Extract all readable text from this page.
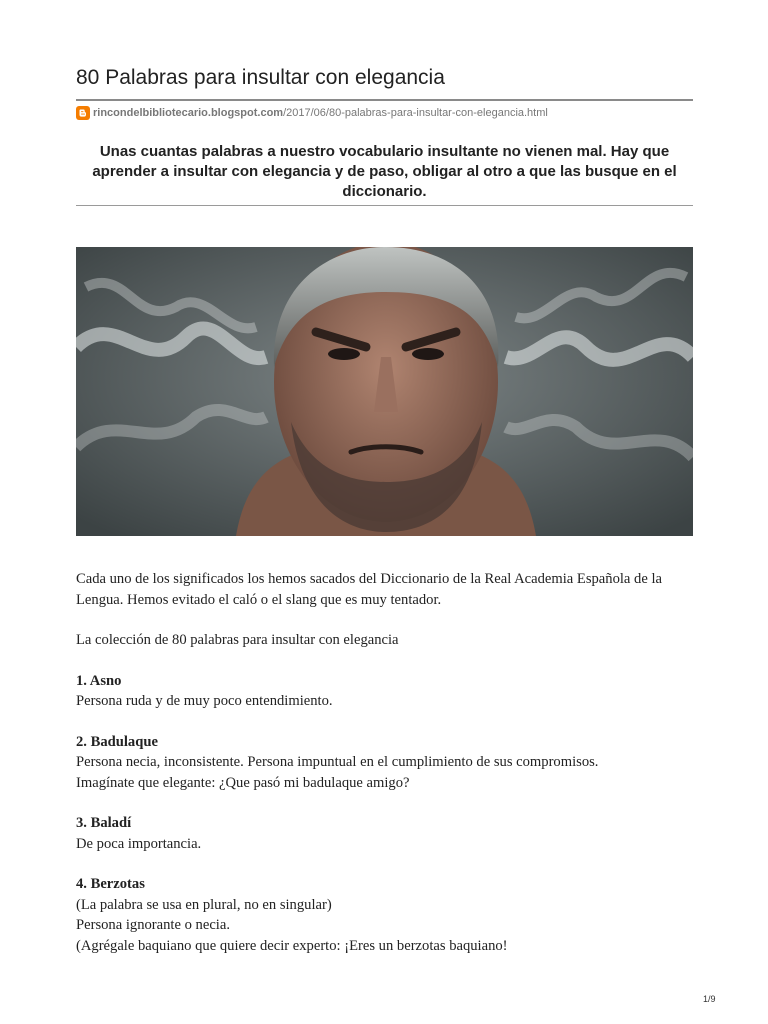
80 Palabras para insultar con elegancia
rincondelbibliotecario.blogspot.com /2017/06/80-palabras-para-insultar-con-elegancia.html
Unas cuantas palabras a nuestro vocabulario insultante no vienen mal. Hay que aprender a insultar con elegancia y de paso, obligar al otro a que las busque en el diccionario.

Cada uno de los significados los hemos sacados del Diccionario de la Real Academia Española de la Lengua. Hemos evitado el caló o el slang que es muy tentador.

La colección de 80 palabras para insultar con elegancia

1. Asno

Persona ruda y de muy poco entendimiento.

2. Badulaque

Persona necia, inconsistente. Persona impuntual en el cumplimiento de sus compromisos.

Imagínate que elegante: ¿Que pasó mi badulaque amigo?

3. Baladí

De poca importancia.

4. Berzotas

(La palabra se usa en plural, no en singular)

Persona ignorante o necia.

(Agrégale baquiano que quiere decir experto: ¡Eres un berzotas baquiano!

1/9
